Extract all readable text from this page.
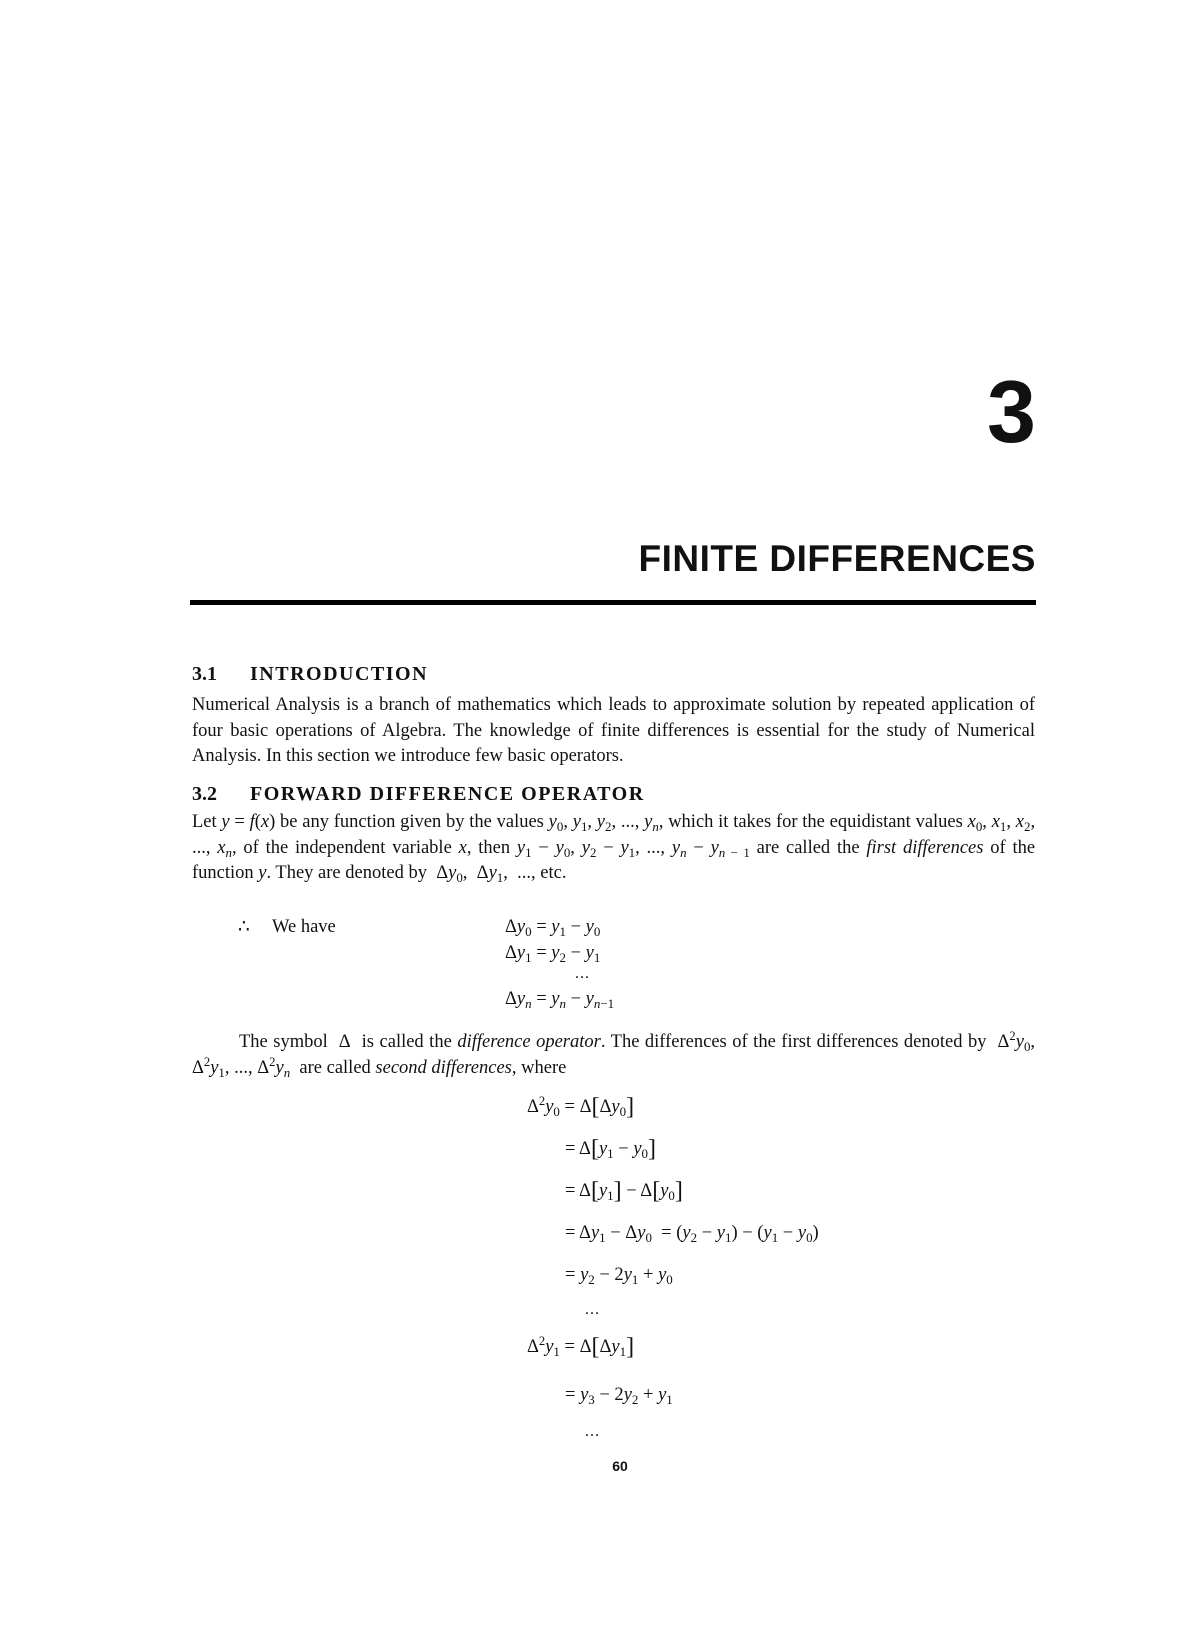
3
FINITE DIFFERENCES
3.1 INTRODUCTION

Numerical Analysis is a branch of mathematics which leads to approximate solution by repeated application of four basic operations of Algebra. The knowledge of finite differences is essential for the study of Numerical Analysis. In this section we introduce few basic operators.

3.2 FORWARD DIFFERENCE OPERATOR

Let y = f(x) be any function given by the values $y_0$, $y_1$, $y_2$, ..., $y_n$, which it takes for the equidistant values $x_0$, $x_1$, $x_2$, ..., $x_n$, of the independent variable x, then $y_1 - y_0$, $y_2 - y_1$, ..., $y_n - y_{n - 1}$ are called the first differences of the function y. They are denoted by  $\Delta y_0$,  $\Delta y_1$,  ..., etc.

∴ We have	$\Delta y_0 = y_1 - y_0$
$\Delta y_1 = y_2 - y_1$
...
$\Delta y_n = y_n - y_{n-1}$

The symbol  Δ  is called the difference operator. The differences of the first differences denoted by  $\Delta^2y_0$, $\Delta^2y_1$, ..., $\Delta^2y_n$ are called second differences, where

$\Delta^2y_0 = \Delta[\Delta y_0]$
= $\Delta[y_1 - y_0]$
= $\Delta[y_1] - \Delta[y_0]$
= $\Delta y_1 - \Delta y_0 = (y_2 - y_1) - (y_1 - y_0)$
= $y_2 - 2y_1 + y_0$
...
$\Delta^2y_1 = \Delta[\Delta y_1]$
= $y_3 - 2y_2 + y_1$
...
60
